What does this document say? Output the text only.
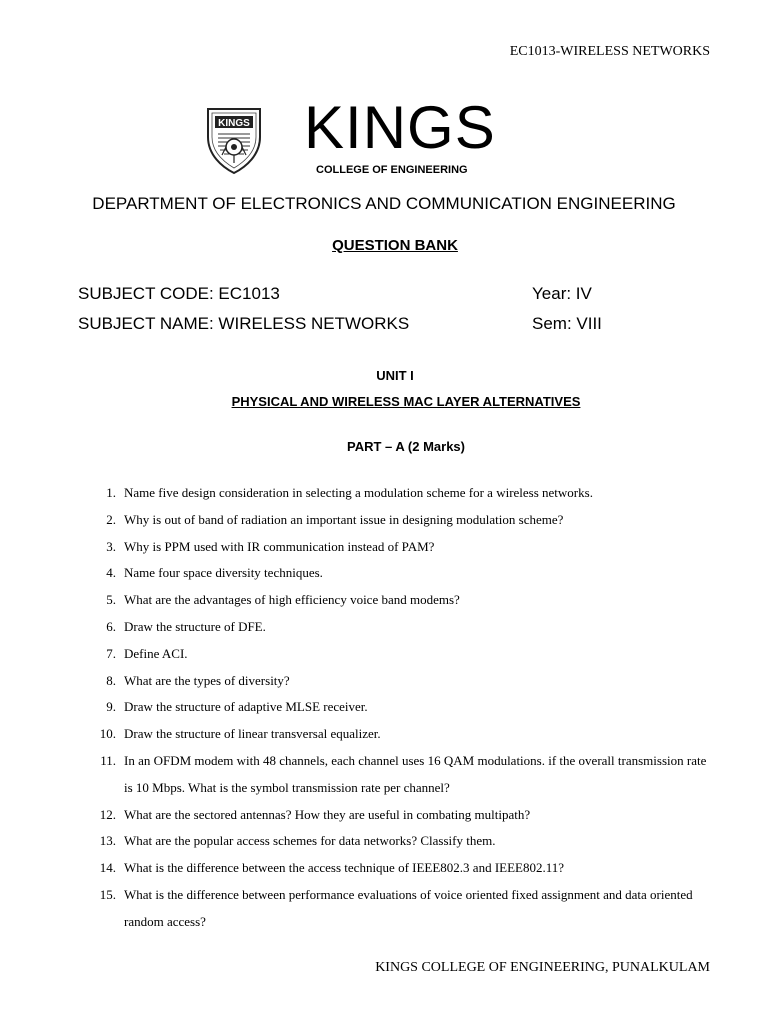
EC1013-WIRELESS NETWORKS
KINGS KINGS
COLLEGE OF ENGINEERING
DEPARTMENT OF ELECTRONICS AND COMMUNICATION ENGINEERING
QUESTION BANK
SUBJECT CODE: EC1013	Year: IV
SUBJECT NAME: WIRELESS NETWORKS	Sem: VIII
UNIT I
PHYSICAL AND WIRELESS MAC LAYER ALTERNATIVES
PART – A (2 Marks)
1. Name five design consideration in selecting a modulation scheme for a wireless networks.
2. Why is out of band of radiation an important issue in designing modulation scheme?
3. Why is PPM used with IR communication instead of PAM?
4. Name four space diversity techniques.
5. What are the advantages of high efficiency voice band modems?
6. Draw the structure of DFE.
7. Define ACI.
8. What are the types of diversity?
9. Draw the structure of adaptive MLSE receiver.
10. Draw the structure of linear transversal equalizer.
11. In an OFDM modem with 48 channels, each channel uses 16 QAM modulations. if the overall transmission rate is 10 Mbps. What is the symbol transmission rate per channel?
12. What are the sectored antennas? How they are useful in combating multipath?
13. What are the popular access schemes for data networks? Classify them.
14. What is the difference between the access technique of IEEE802.3 and IEEE802.11?
15. What is the difference between performance evaluations of voice oriented fixed assignment and data oriented random access?
KINGS COLLEGE OF ENGINEERING, PUNALKULAM
